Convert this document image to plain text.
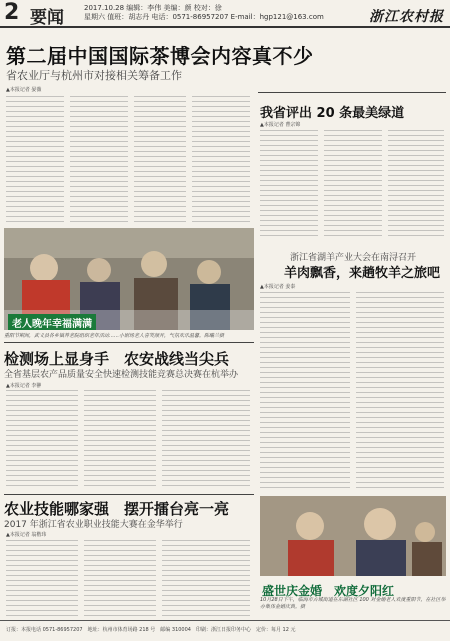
2 要闻	2017.10.28 编辑：李伟 美编：颜 校对：徐
星期六 值班：胡志丹 电话：0571-86957207 E-mail：hgp121@163.com	浙江农村报
第二届中国国际茶博会内容真不少
省农业厅与杭州市对接相关筹备工作
▲本报记者 晏薇
我省评出 20 条最美绿道
▲本报记者 曹宗锦
老人晚年幸福满满
重阳节期间，武义县各乡镇养老院组织老年活动……小剧场老人喜笑颜开，气氛欢乐温馨。陈曦兰摄
浙江省湖羊产业大会在南浔召开
羊肉飘香，来趟牧羊之旅吧
▲本报记者 姜泰
检测场上显身手　农安战线当尖兵
全省基层农产品质量安全快速检测技能竞赛总决赛在杭举办
▲本报记者 李翀
农业技能哪家强　摆开擂台亮一亮
2017 年浙江省农业职业技能大赛在金华举行
▲本报记者 翁楷玮
盛世庆金婚　欢度夕阳红
10月28日下午，临海市古城街道在东湖社区 100 对金婚老人欢度重阳节，在社区举办集体金婚庆典。摄
订报：本报电话 0571-86957207　地址：杭州市体育场路 218 号　邮编 310004　印刷：浙江日报印务中心　定价：每月 12 元
